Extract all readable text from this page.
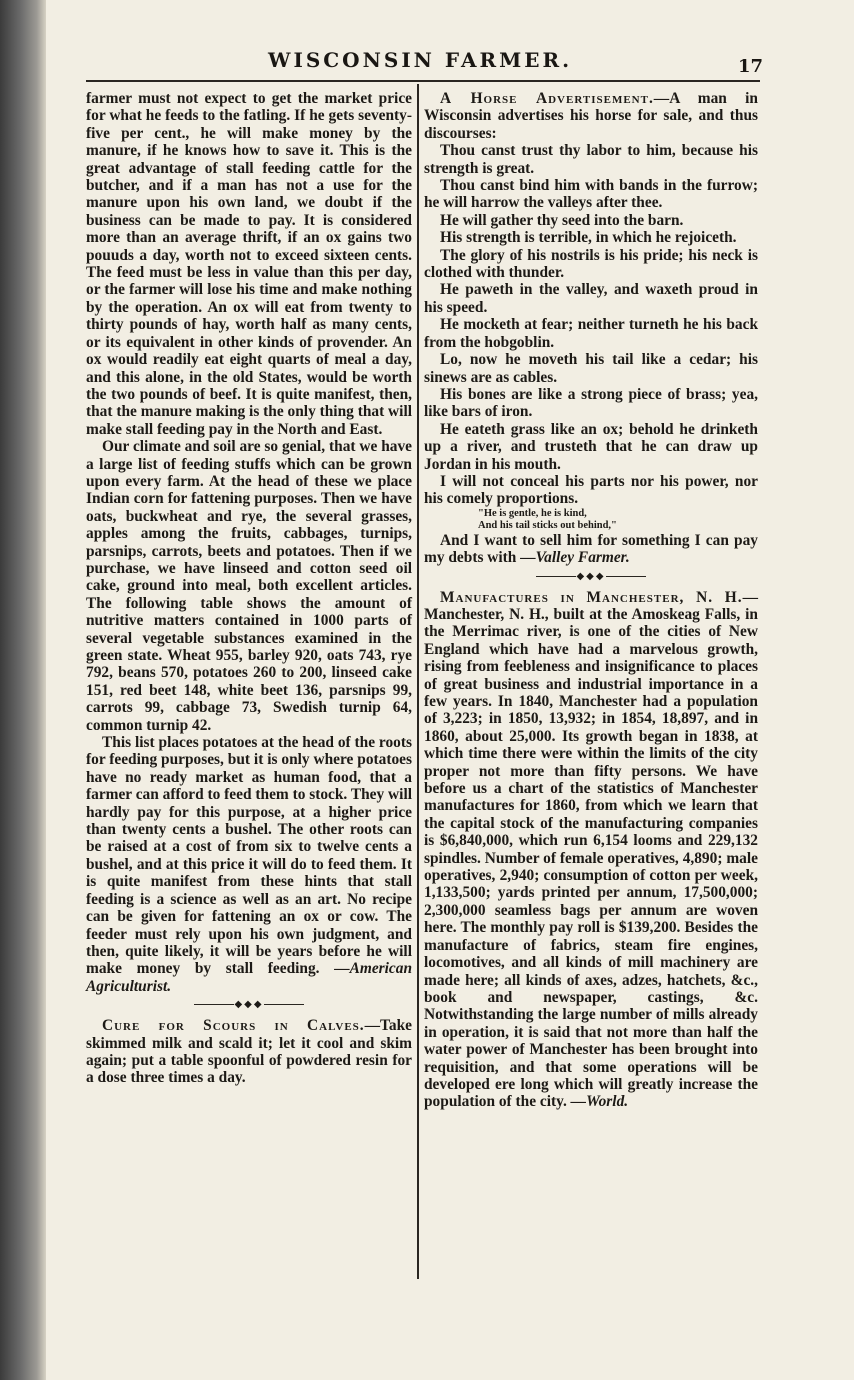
WISCONSIN FARMER.	17

farmer must not expect to get the market price for what he feeds to the fatling. If he gets seventy-five per cent., he will make money by the manure, if he knows how to save it. This is the great advantage of stall feeding cattle for the butcher, and if a man has not a use for the manure upon his own land, we doubt if the business can be made to pay. It is considered more than an average thrift, if an ox gains two pouuds a day, worth not to exceed sixteen cents. The feed must be less in value than this per day, or the farmer will lose his time and make nothing by the operation. An ox will eat from twenty to thirty pounds of hay, worth half as many cents, or its equivalent in other kinds of provender. An ox would readily eat eight quarts of meal a day, and this alone, in the old States, would be worth the two pounds of beef. It is quite manifest, then, that the manure making is the only thing that will make stall feeding pay in the North and East.

Our climate and soil are so genial, that we have a large list of feeding stuffs which can be grown upon every farm. At the head of these we place Indian corn for fattening purposes. Then we have oats, buckwheat and rye, the several grasses, apples among the fruits, cabbages, turnips, parsnips, carrots, beets and potatoes. Then if we purchase, we have linseed and cotton seed oil cake, ground into meal, both excellent articles. The following table shows the amount of nutritive matters contained in 1000 parts of several vegetable substances examined in the green state. Wheat 955, barley 920, oats 743, rye 792, beans 570, potatoes 260 to 200, linseed cake 151, red beet 148, white beet 136, parsnips 99, carrots 99, cabbage 73, Swedish turnip 64, common turnip 42.

This list places potatoes at the head of the roots for feeding purposes, but it is only where potatoes have no ready market as human food, that a farmer can afford to feed them to stock. They will hardly pay for this purpose, at a higher price than twenty cents a bushel. The other roots can be raised at a cost of from six to twelve cents a bushel, and at this price it will do to feed them. It is quite manifest from these hints that stall feeding is a science as well as an art. No recipe can be given for fattening an ox or cow. The feeder must rely upon his own judgment, and then, quite likely, it will be years before he will make money by stall feeding. —American Agriculturist.

◆◆◆

Cure for Scours in Calves.—Take skimmed milk and scald it; let it cool and skim again; put a table spoonful of powdered resin for a dose three times a day.

A Horse Advertisement.—A man in Wisconsin advertises his horse for sale, and thus discourses:

Thou canst trust thy labor to him, because his strength is great.

Thou canst bind him with bands in the furrow; he will harrow the valleys after thee.

He will gather thy seed into the barn.

His strength is terrible, in which he rejoiceth.

The glory of his nostrils is his pride; his neck is clothed with thunder.

He paweth in the valley, and waxeth proud in his speed.

He mocketh at fear; neither turneth he his back from the hobgoblin.

Lo, now he moveth his tail like a cedar; his sinews are as cables.

His bones are like a strong piece of brass; yea, like bars of iron.

He eateth grass like an ox; behold he drinketh up a river, and trusteth that he can draw up Jordan in his mouth.

I will not conceal his parts nor his power, nor his comely proportions.

"He is gentle, he is kind,

And his tail sticks out behind,"

And I want to sell him for something I can pay my debts with —Valley Farmer.

◆◆◆

Manufactures in Manchester, N. H.—Manchester, N. H., built at the Amoskeag Falls, in the Merrimac river, is one of the cities of New England which have had a marvelous growth, rising from feebleness and insignificance to places of great business and industrial importance in a few years. In 1840, Manchester had a population of 3,223; in 1850, 13,932; in 1854, 18,897, and in 1860, about 25,000. Its growth began in 1838, at which time there were within the limits of the city proper not more than fifty persons. We have before us a chart of the statistics of Manchester manufactures for 1860, from which we learn that the capital stock of the manufacturing companies is $6,840,000, which run 6,154 looms and 229,132 spindles. Number of female operatives, 4,890; male operatives, 2,940; consumption of cotton per week, 1,133,500; yards printed per annum, 17,500,000; 2,300,000 seamless bags per annum are woven here. The monthly pay roll is $139,200. Besides the manufacture of fabrics, steam fire engines, locomotives, and all kinds of mill machinery are made here; all kinds of axes, adzes, hatchets, &c., book and newspaper, castings, &c. Notwithstanding the large number of mills already in operation, it is said that not more than half the water power of Manchester has been brought into requisition, and that some operations will be developed ere long which will greatly increase the population of the city. —World.
